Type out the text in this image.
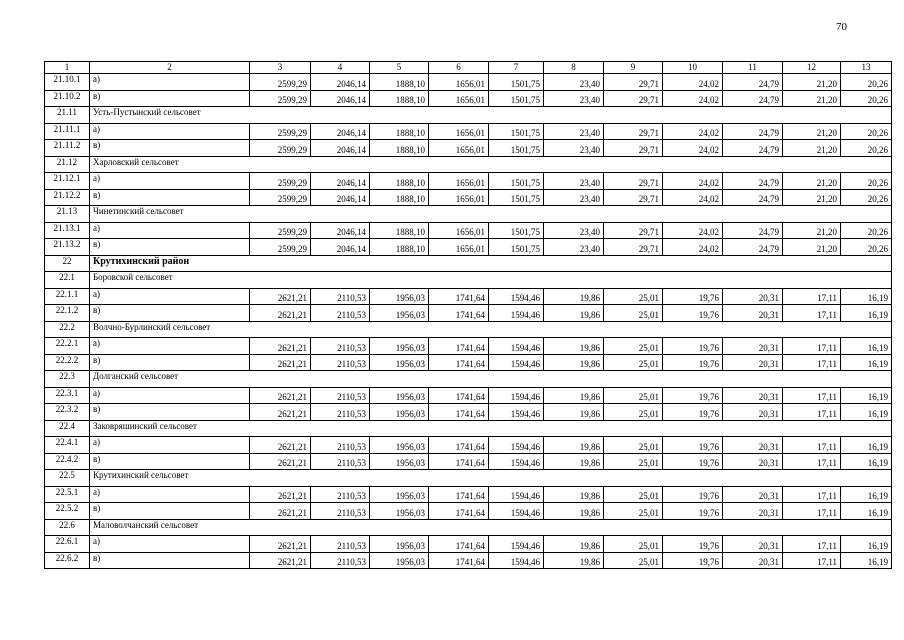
70
1	2	3	4	5	6	7	8	9	10	11	12	13
21.10.1	а)	2599,29	2046,14	1888,10	1656,01	1501,75	23,40	29,71	24,02	24,79	21,20	20,26
21.10.2	в)	2599,29	2046,14	1888,10	1656,01	1501,75	23,40	29,71	24,02	24,79	21,20	20,26
21.11	Усть-Пустынский сельсовет											
21.11.1	а)	2599,29	2046,14	1888,10	1656,01	1501,75	23,40	29,71	24,02	24,79	21,20	20,26
21.11.2	в)	2599,29	2046,14	1888,10	1656,01	1501,75	23,40	29,71	24,02	24,79	21,20	20,26
21.12	Харловский сельсовет											
21.12.1	а)	2599,29	2046,14	1888,10	1656,01	1501,75	23,40	29,71	24,02	24,79	21,20	20,26
21.12.2	в)	2599,29	2046,14	1888,10	1656,01	1501,75	23,40	29,71	24,02	24,79	21,20	20,26
21.13	Чинетинский сельсовет											
21.13.1	а)	2599,29	2046,14	1888,10	1656,01	1501,75	23,40	29,71	24,02	24,79	21,20	20,26
21.13.2	в)	2599,29	2046,14	1888,10	1656,01	1501,75	23,40	29,71	24,02	24,79	21,20	20,26
22	Крутихинский район											
22.1	Боровской сельсовет											
22.1.1	а)	2621,21	2110,53	1956,03	1741,64	1594,46	19,86	25,01	19,76	20,31	17,11	16,19
22.1.2	в)	2621,21	2110,53	1956,03	1741,64	1594,46	19,86	25,01	19,76	20,31	17,11	16,19
22.2	Волчно-Бурлинский сельсовет											
22.2.1	а)	2621,21	2110,53	1956,03	1741,64	1594,46	19,86	25,01	19,76	20,31	17,11	16,19
22.2.2	в)	2621,21	2110,53	1956,03	1741,64	1594,46	19,86	25,01	19,76	20,31	17,11	16,19
22.3	Долганский сельсовет											
22.3.1	а)	2621,21	2110,53	1956,03	1741,64	1594,46	19,86	25,01	19,76	20,31	17,11	16,19
22.3.2	в)	2621,21	2110,53	1956,03	1741,64	1594,46	19,86	25,01	19,76	20,31	17,11	16,19
22.4	Заковряшинский сельсовет											
22.4.1	а)	2621,21	2110,53	1956,03	1741,64	1594,46	19,86	25,01	19,76	20,31	17,11	16,19
22.4.2	в)	2621,21	2110,53	1956,03	1741,64	1594,46	19,86	25,01	19,76	20,31	17,11	16,19
22.5	Крутихинский сельсовет											
22.5.1	а)	2621,21	2110,53	1956,03	1741,64	1594,46	19,86	25,01	19,76	20,31	17,11	16,19
22.5.2	в)	2621,21	2110,53	1956,03	1741,64	1594,46	19,86	25,01	19,76	20,31	17,11	16,19
22.6	Маловолчанский сельсовет											
22.6.1	а)	2621,21	2110,53	1956,03	1741,64	1594,46	19,86	25,01	19,76	20,31	17,11	16,19
22.6.2	в)	2621,21	2110,53	1956,03	1741,64	1594,46	19,86	25,01	19,76	20,31	17,11	16,19
